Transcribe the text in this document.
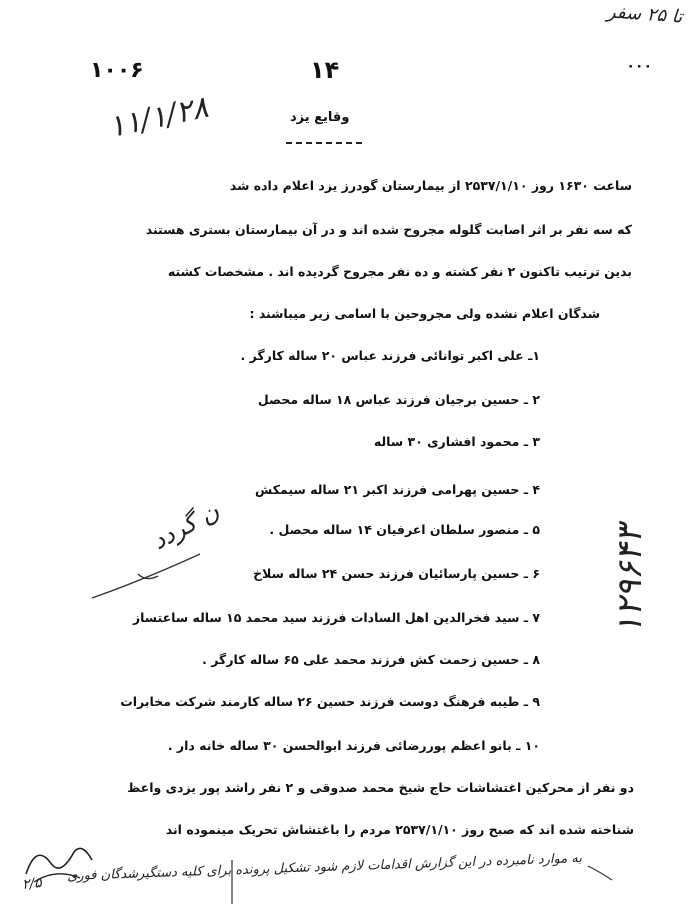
تا ۲۵ سفر
۱۰۰۶	۱۴	۰۰۰
۱۱/۱/۲۸	وقایع یزد
ساعت ۱۶۳۰ روز ۲۵۳۷/۱/۱۰ از بیمارستان گودرز یزد اعلام داده شد
که سه نفر بر اثر اصابت گلوله مجروح شده اند و در آن بیمارستان بستری هستند
بدین ترتیب تاکنون ۲ نفر کشته و ده نفر مجروح گردیده اند . مشخصات کشته
شدگان اعلام نشده ولی مجروحین با اسامی زیر میباشند :
۱ـ علی اکبر توانائی فرزند عباس ۲۰ ساله کارگر .
۲ ـ حسین برجیان فرزند عباس ۱۸ ساله محصل
۳ ـ محمود افشاری ۳۰ ساله
۴ ـ حسین پهرامی فرزند اکبر ۲۱ ساله سیمکش
۵ ـ منصور سلطان اعرفیان ۱۴ ساله محصل .
۶ ـ حسین پارسائیان فرزند حسن ۲۴ ساله سلاخ
۷ ـ سید فخرالدین اهل السادات فرزند سید محمد ۱۵ ساله ساعتساز
۸ ـ حسین زحمت کش فرزند محمد علی ۶۵ ساله کارگر .
۹ ـ طیبه فرهنگ دوست فرزند حسین ۲۶ ساله کارمند شرکت مخابرات
۱۰ ـ بانو اعظم پوررضائی فرزند ابوالحسن ۳۰ ساله خانه دار .
دو نفر از محرکین اغتشاشات حاج شیخ محمد صدوقی و ۲ نفر راشد پور یزدی واعظ
شناخته شده اند که صبح روز ۲۵۳۷/۱/۱۰ مردم را باغتشاش تحریک مینموده اند
ن گردد	۱۲۹۶۴۳
به موارد نامبرده در این گزارش اقدامات لازم شود تشکیل پرونده برای کلیه دستگیرشدگان فوری
۲/۵
